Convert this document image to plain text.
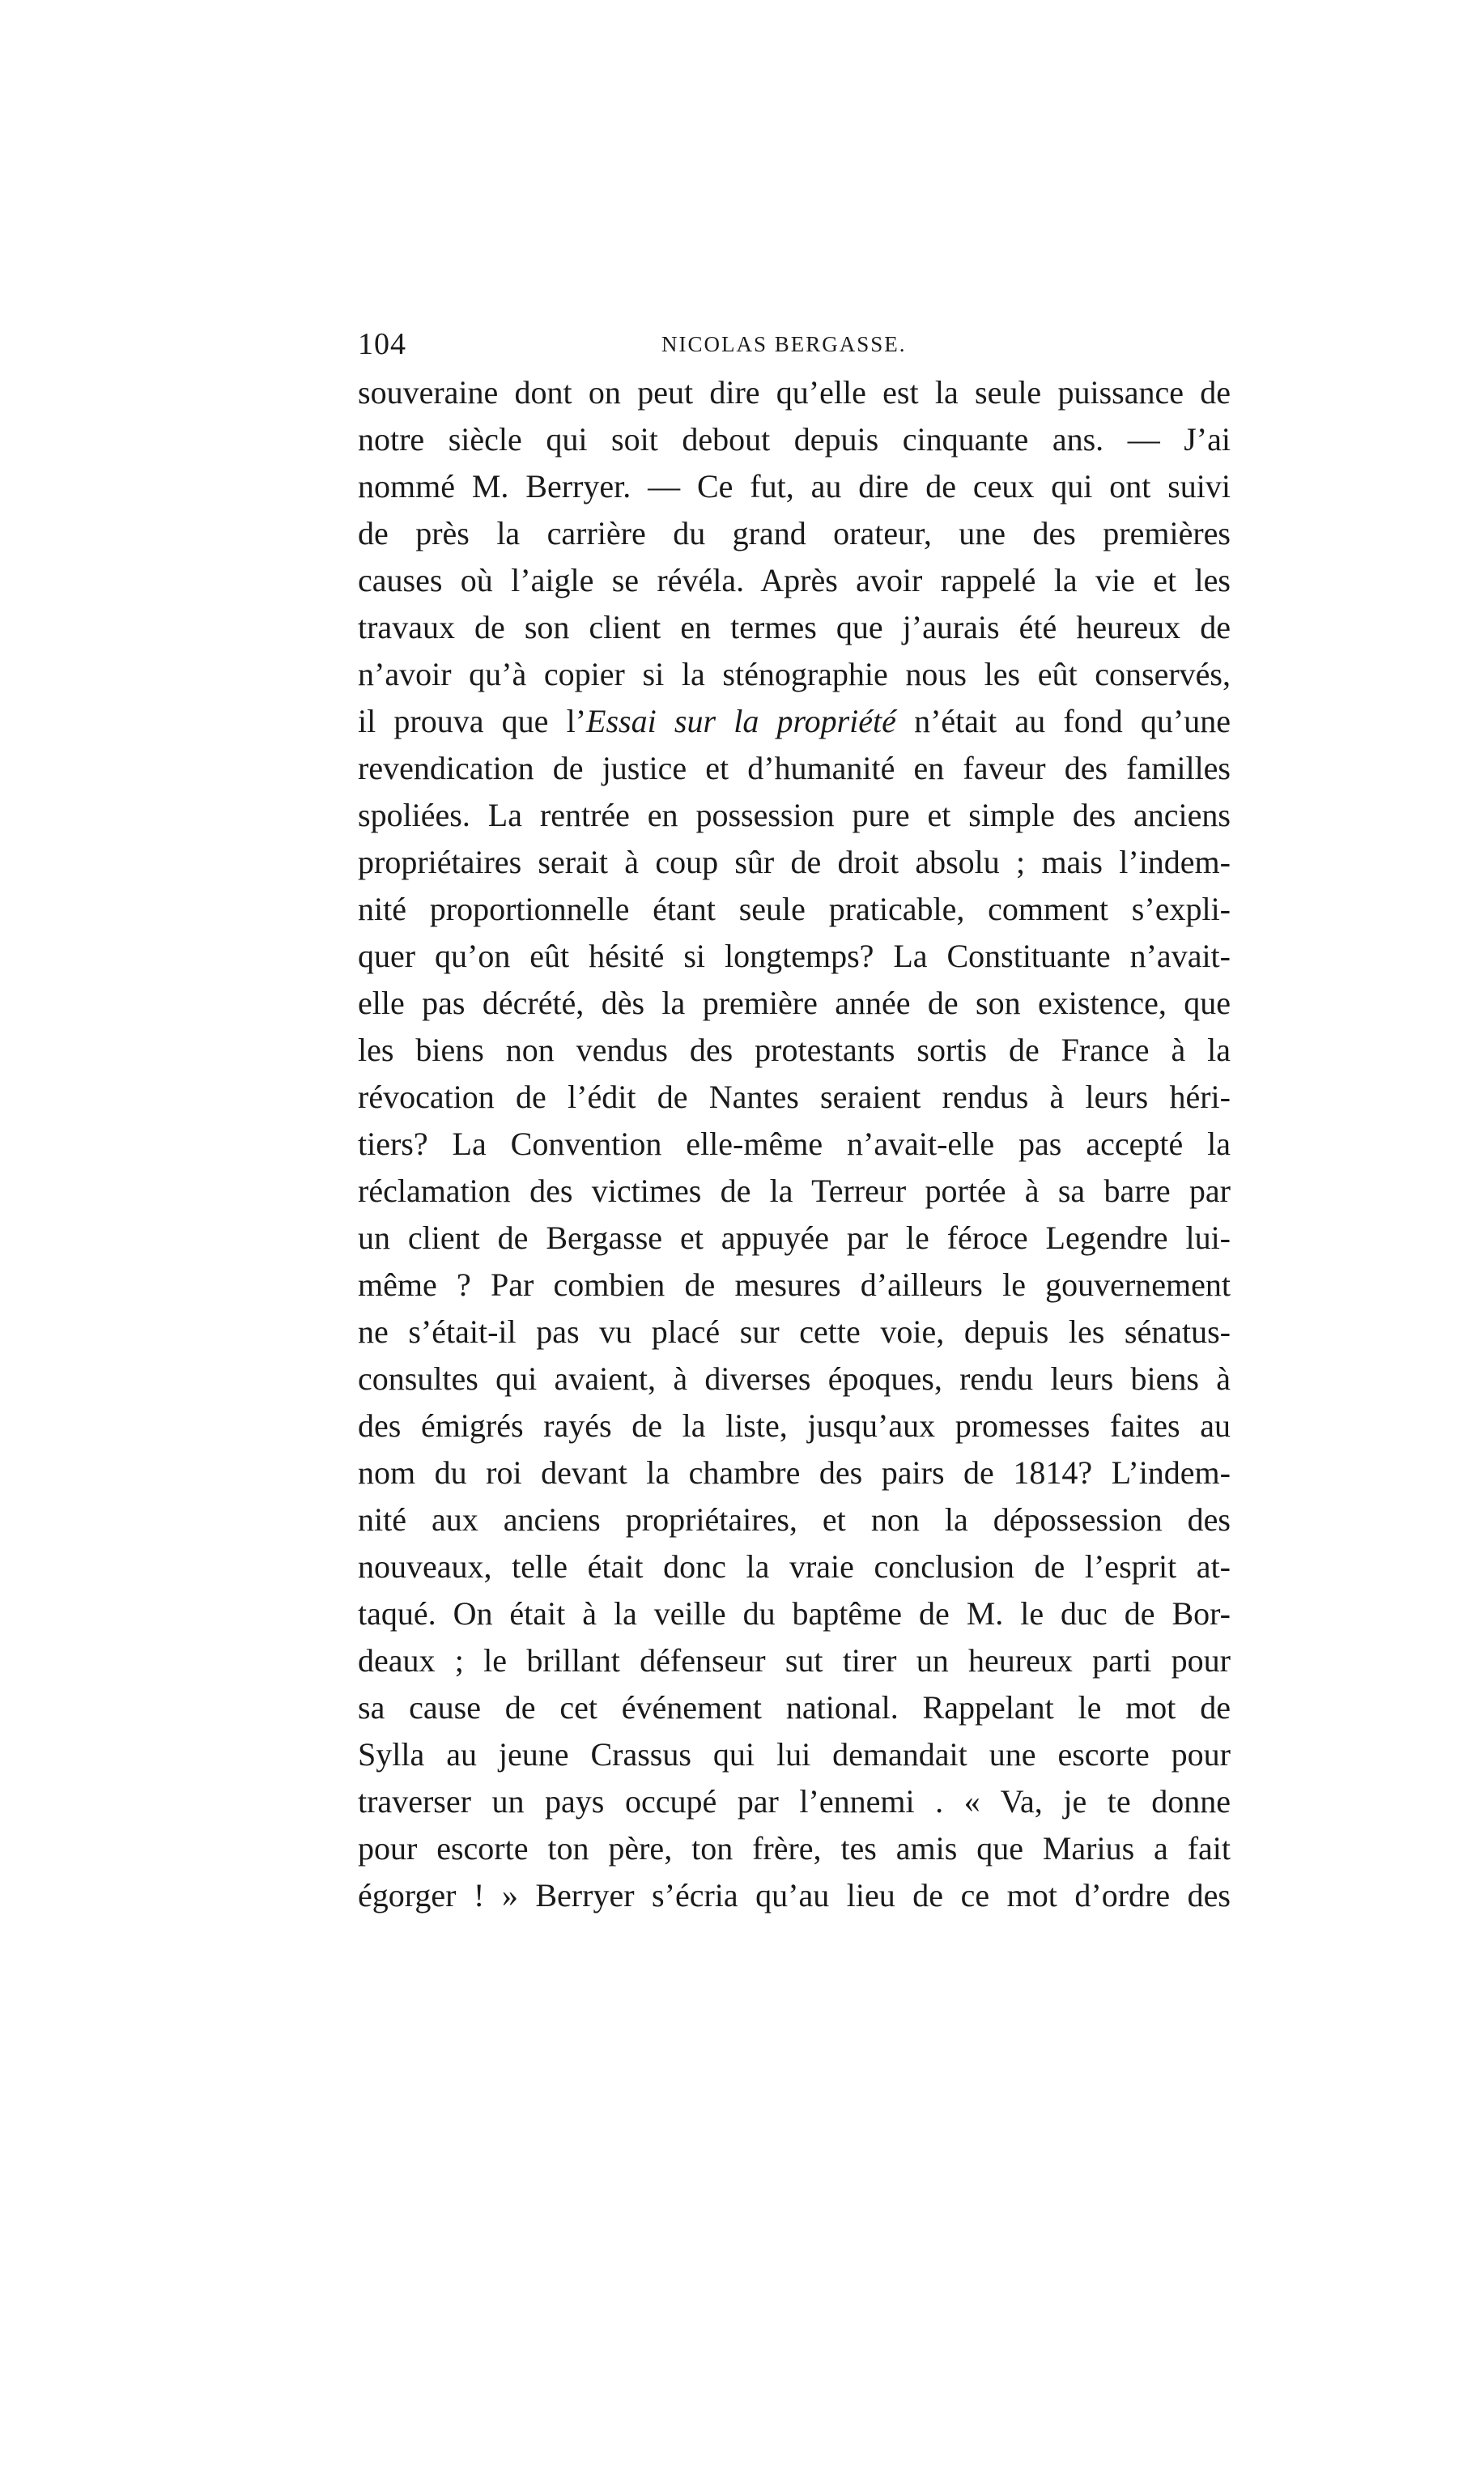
104	NICOLAS BERGASSE.
souveraine dont on peut dire qu’elle est la seule puissance de
notre siècle qui soit debout depuis cinquante ans. — J’ai
nommé M. Berryer. — Ce fut, au dire de ceux qui ont suivi
de près la carrière du grand orateur, une des premières
causes où l’aigle se révéla. Après avoir rappelé la vie et les
travaux de son client en termes que j’aurais été heureux de
n’avoir qu’à copier si la sténographie nous les eût conservés,
il prouva que l’Essai sur la propriété n’était au fond qu’une
revendication de justice et d’humanité en faveur des familles
spoliées. La rentrée en possession pure et simple des anciens
propriétaires serait à coup sûr de droit absolu ; mais l’indem-
nité proportionnelle étant seule praticable, comment s’expli-
quer qu’on eût hésité si longtemps? La Constituante n’avait-
elle pas décrété, dès la première année de son existence, que
les biens non vendus des protestants sortis de France à la
révocation de l’édit de Nantes seraient rendus à leurs héri-
tiers? La Convention elle-même n’avait-elle pas accepté la
réclamation des victimes de la Terreur portée à sa barre par
un client de Bergasse et appuyée par le féroce Legendre lui-
même ? Par combien de mesures d’ailleurs le gouvernement
ne s’était-il pas vu placé sur cette voie, depuis les sénatus-
consultes qui avaient, à diverses époques, rendu leurs biens à
des émigrés rayés de la liste, jusqu’aux promesses faites au
nom du roi devant la chambre des pairs de 1814? L’indem-
nité aux anciens propriétaires, et non la dépossession des
nouveaux, telle était donc la vraie conclusion de l’esprit at-
taqué. On était à la veille du baptême de M. le duc de Bor-
deaux ; le brillant défenseur sut tirer un heureux parti pour
sa cause de cet événement national. Rappelant le mot de
Sylla au jeune Crassus qui lui demandait une escorte pour
traverser un pays occupé par l’ennemi . « Va, je te donne
pour escorte ton père, ton frère, tes amis que Marius a fait
égorger ! » Berryer s’écria qu’au lieu de ce mot d’ordre des
